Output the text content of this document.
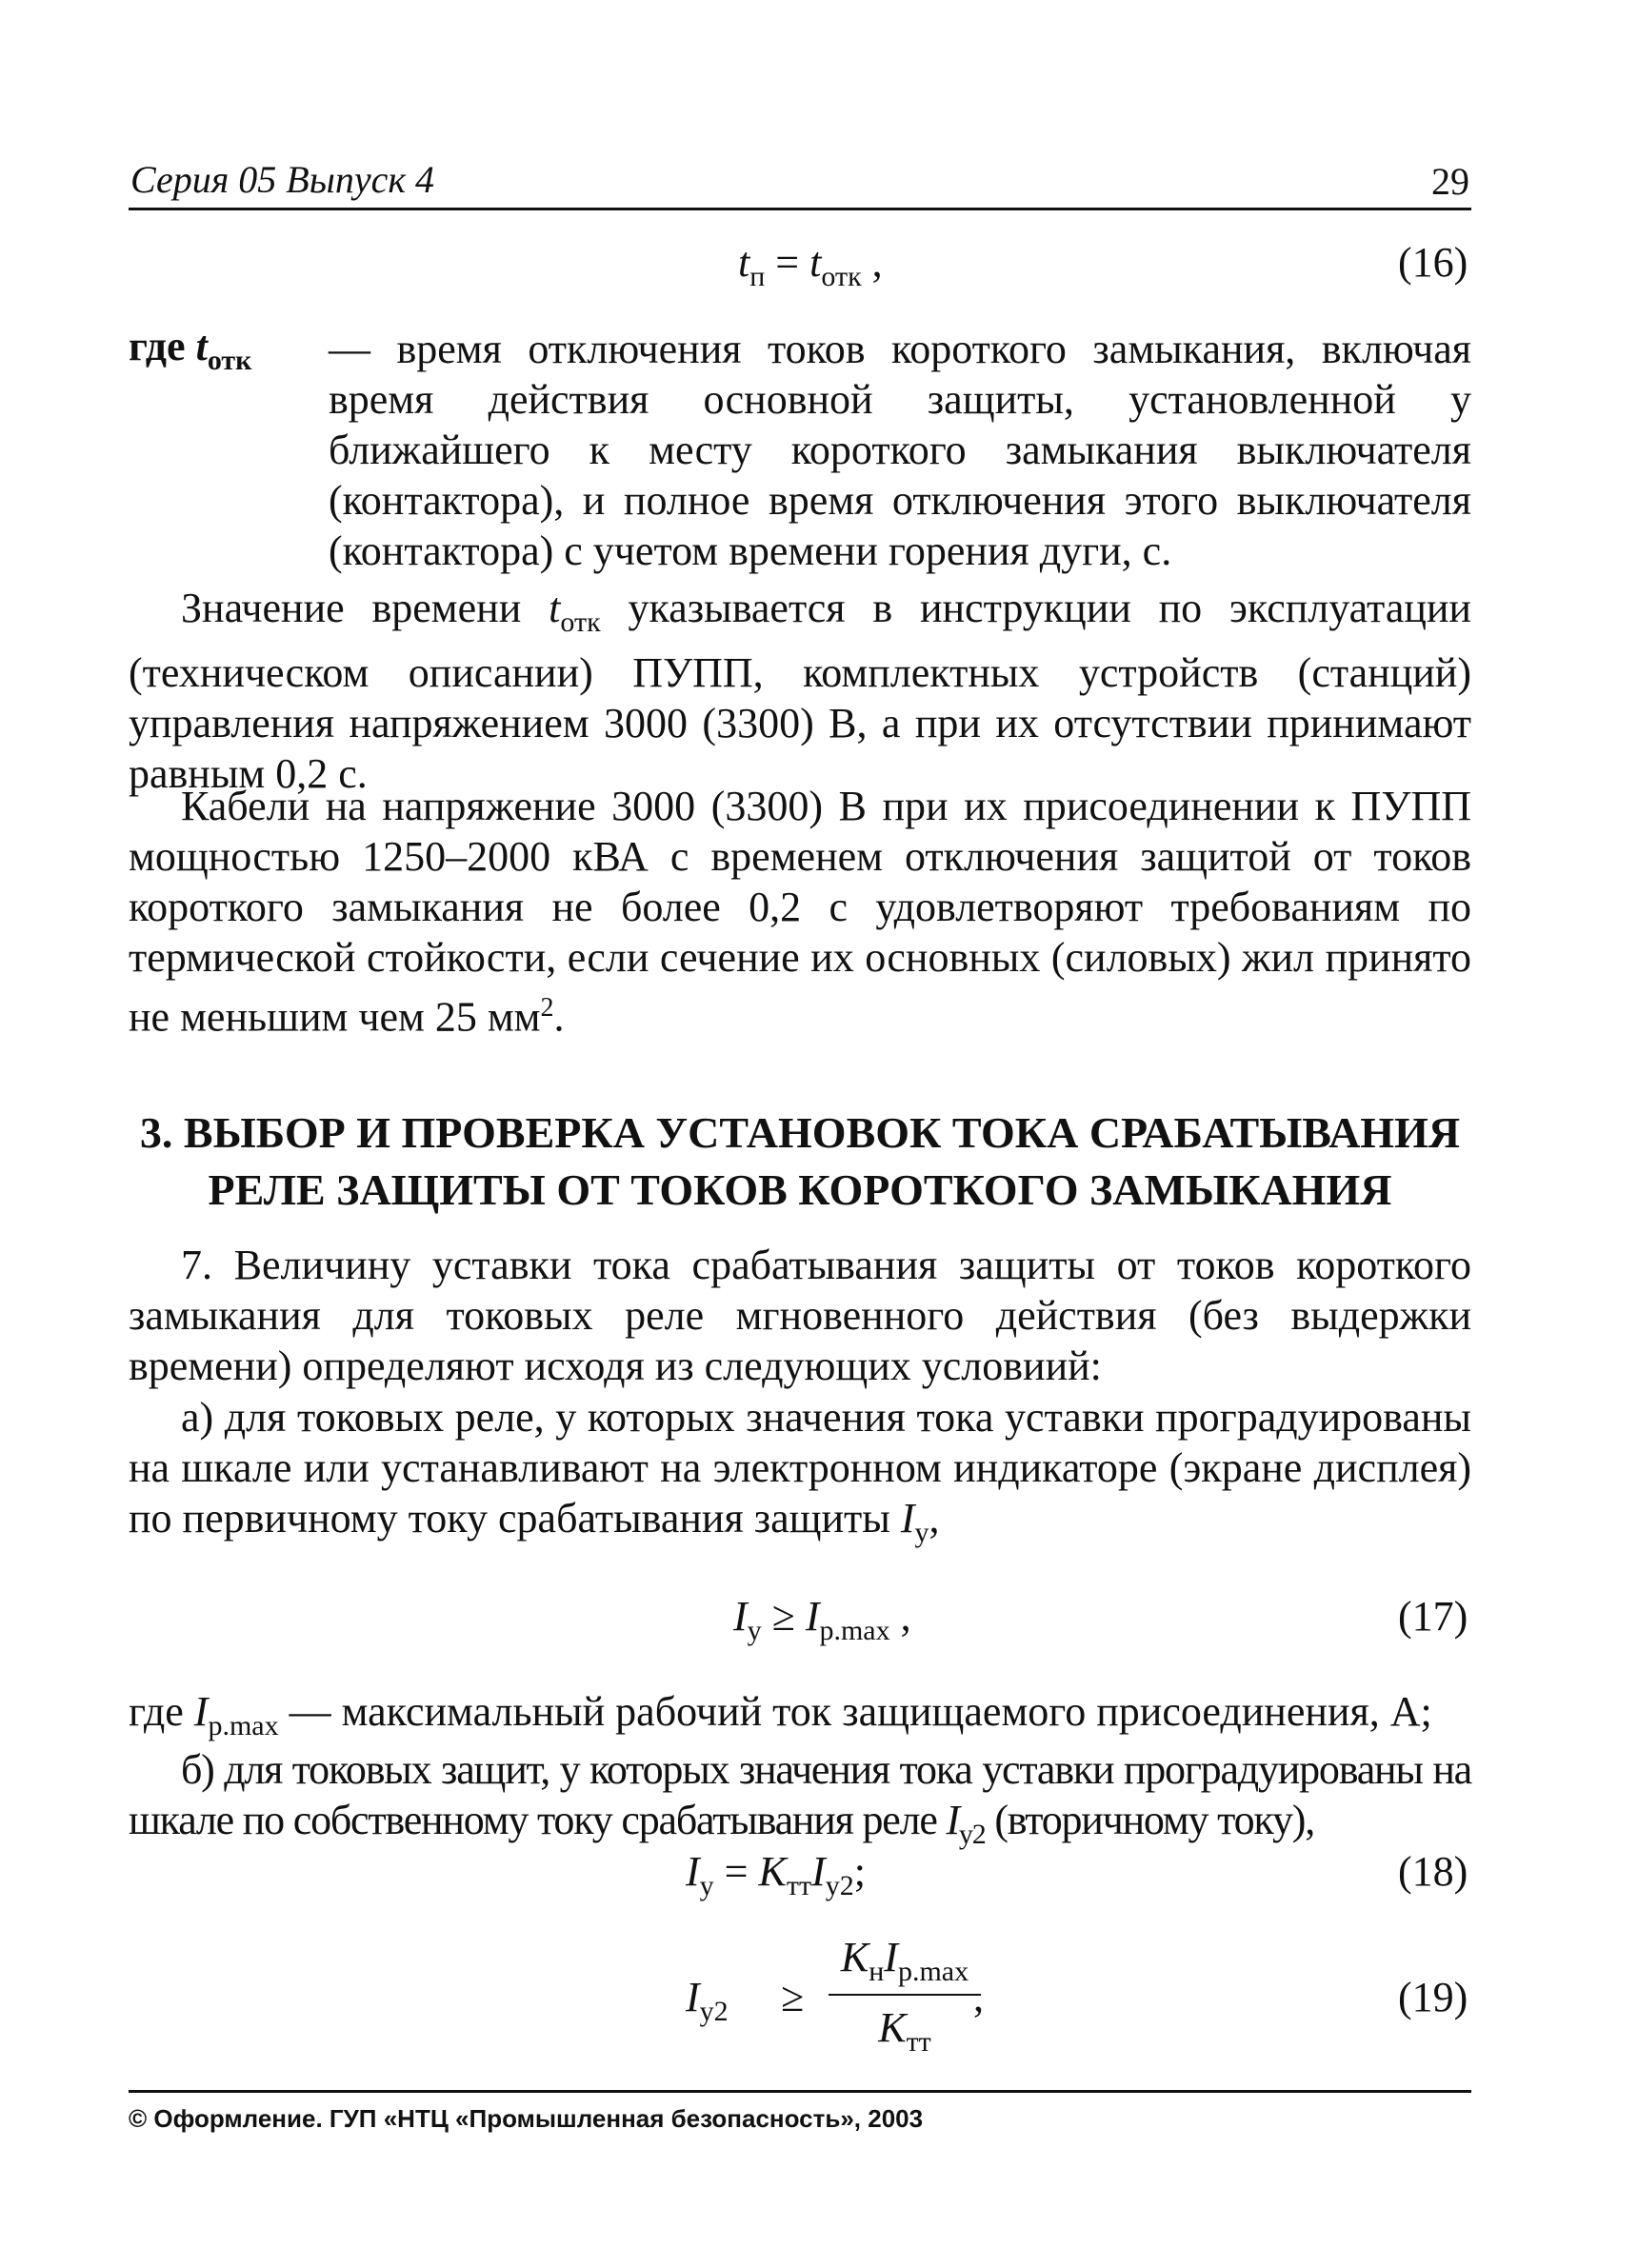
Серия 05 Выпуск 4	29
$t_п = t_{отк}$ ,	(16)
где $t_{отк}$ — время отключения токов короткого замыкания, включая время действия основной защиты, установленной у ближайшего к месту короткого замыкания выключателя (контактора), и полное время отключения этого выключателя (контактора) с учетом времени горения дуги, с.

Значение времени $t_{отк}$ указывается в инструкции по эксплуатации (техническом описании) ПУПП, комплектных устройств (станций) управления напряжением 3000 (3300) В, а при их отсутствии принимают равным 0,2 с.

Кабели на напряжение 3000 (3300) В при их присоединении к ПУПП мощностью 1250–2000 кВА с временем отключения защитой от токов короткого замыкания не более 0,2 с удовлетворяют требованиям по термической стойкости, если сечение их основных (силовых) жил принято не меньшим чем 25 $мм^2$.

3. ВЫБОР И ПРОВЕРКА УСТАНОВОК ТОКА СРАБАТЫВАНИЯ
РЕЛЕ ЗАЩИТЫ ОТ ТОКОВ КОРОТКОГО ЗАМЫКАНИЯ

7. Величину уставки тока срабатывания защиты от токов короткого замыкания для токовых реле мгновенного действия (без выдержки времени) определяют исходя из следующих условиий:

а) для токовых реле, у которых значения тока уставки проградуированы на шкале или устанавливают на электронном индикаторе (экране дисплея) по первичному току срабатывания защиты $I_у$,

$I_у \ge I_{р.max}$ ,	(17)
где $I_{р.max}$ — максимальный рабочий ток защищаемого присоединения, А;

б) для токовых защит, у которых значения тока уставки проградуированы на шкале по собственному току срабатывания реле $I_{у2}$ (вторичному току),

$I_у = K_{тт}I_{у2}$;	(18)
$I_{у2}$ ≥
$K_нI_{р.max}$
$K_{тт}$
,	(19)
© Оформление. ГУП «НТЦ «Промышленная безопасность», 2003
